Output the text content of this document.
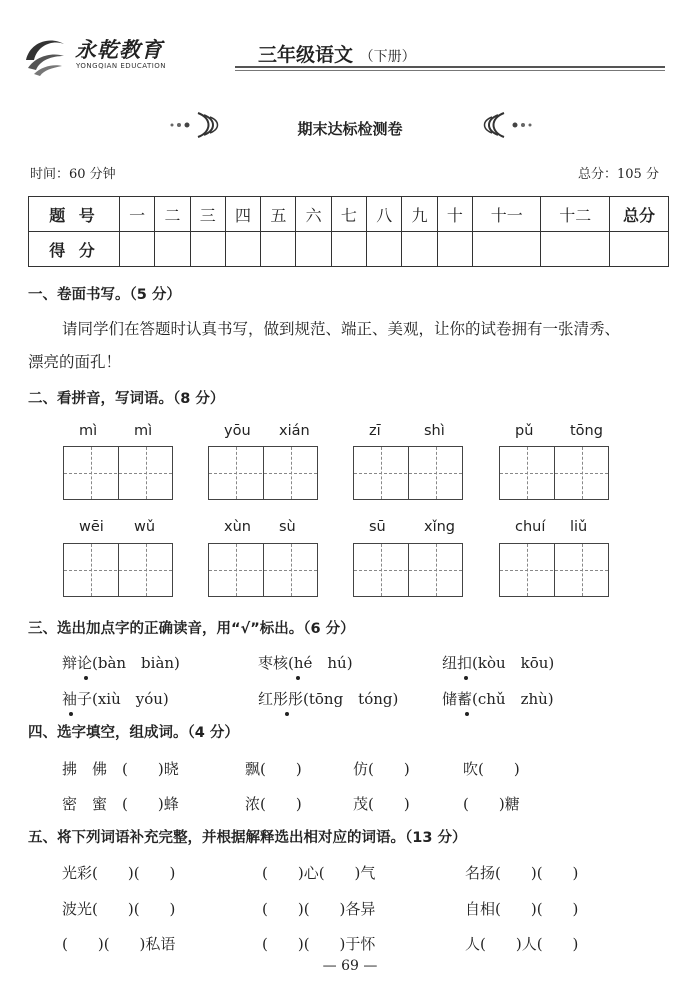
永乾教育
YONGQIAN EDUCATION	三年级语文 （下册）
期末达标检测卷
时间：60 分钟	总分：105 分
题 号	一	二	三	四	五	六	七	八	九	十	十一	十二	总分
得 分													
一、卷面书写。（5 分）
请同学们在答题时认真书写，做到规范、端正、美观，让你的试卷拥有一张清秀、
漂亮的面孔！
二、看拼音，写词语。（8 分）
mì	mì	yōu xián	zī	shì	pǔ	tōng
wēi wǔ	xùn sù	sū	xǐng	chuí liǔ
三、选出加点字的正确读音，用“√”标出。（6 分）
辩论(bàn　biàn)	枣核(hé　hú)	纽扣(kòu　kōu)
袖子(xiù　yóu)	红彤彤(tōng　tóng)	储蓄(chǔ　zhù)
四、选字填空，组成词。（4 分）
拂　佛　(　　)晓	飘(　　)	仿(　　)	吹(　　)
密　蜜　(　　)蜂	浓(　　)	茂(　　)	(　　)糖
五、将下列词语补充完整，并根据解释选出相对应的词语。（13 分）
光彩(　　)(　　)	(　　)心(　　)气	名扬(　　)(　　)
波光(　　)(　　)	(　　)(　　)各异	自相(　　)(　　)
(　　)(　　)私语	(　　)(　　)于怀	人(　　)人(　　)
— 69 —
